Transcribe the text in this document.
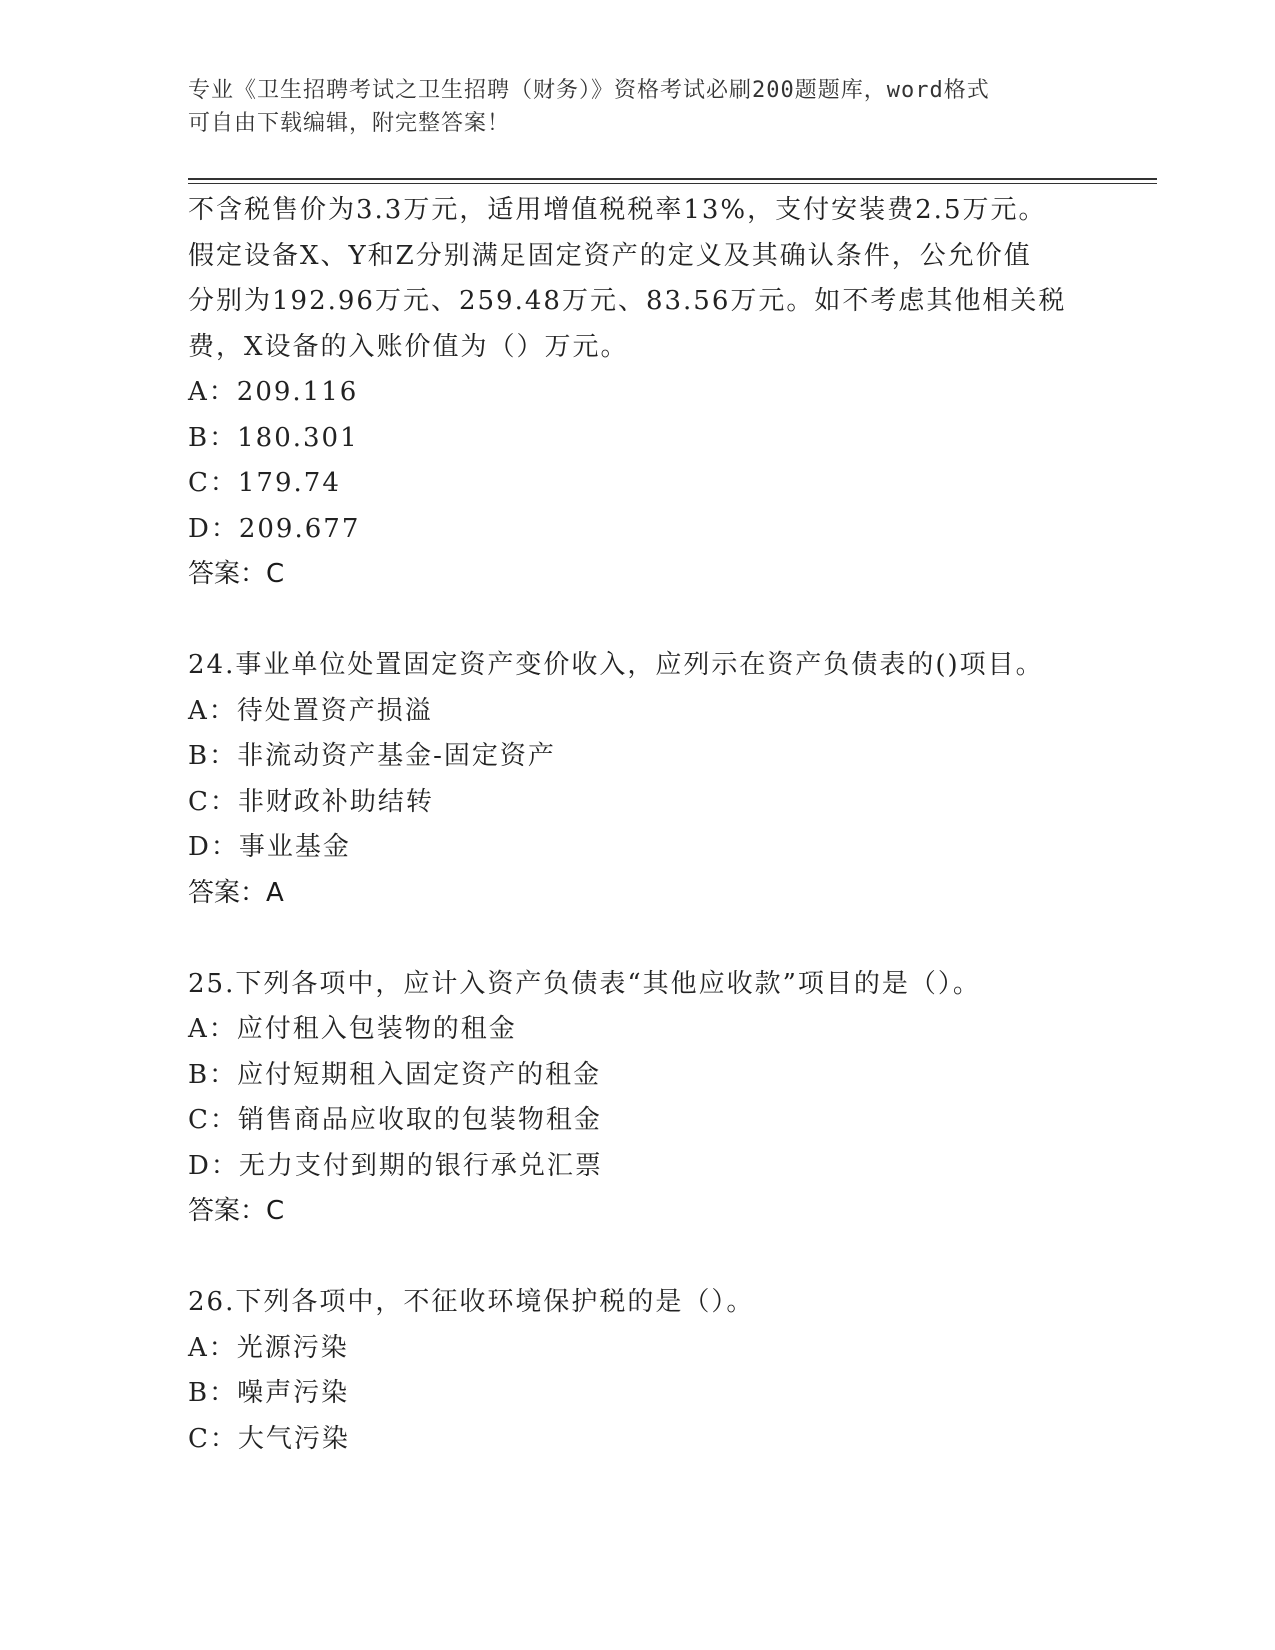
专业《卫生招聘考试之卫生招聘（财务）》资格考试必刷200题题库，word格式
可自由下载编辑，附完整答案！
不含税售价为3.3万元，适用增值税税率13%，支付安装费2.5万元。
假定设备X、Y和Z分别满足固定资产的定义及其确认条件，公允价值
分别为192.96万元、259.48万元、83.56万元。如不考虑其他相关税
费，X设备的入账价值为（）万元。
A：209.116
B：180.301
C：179.74
D：209.677
答案：C
24.事业单位处置固定资产变价收入，应列示在资产负债表的()项目。
A：待处置资产损溢
B：非流动资产基金-固定资产
C：非财政补助结转
D：事业基金
答案：A
25.下列各项中，应计入资产负债表“其他应收款”项目的是（）。
A：应付租入包装物的租金
B：应付短期租入固定资产的租金
C：销售商品应收取的包装物租金
D：无力支付到期的银行承兑汇票
答案：C
26.下列各项中，不征收环境保护税的是（）。
A：光源污染
B：噪声污染
C：大气污染
